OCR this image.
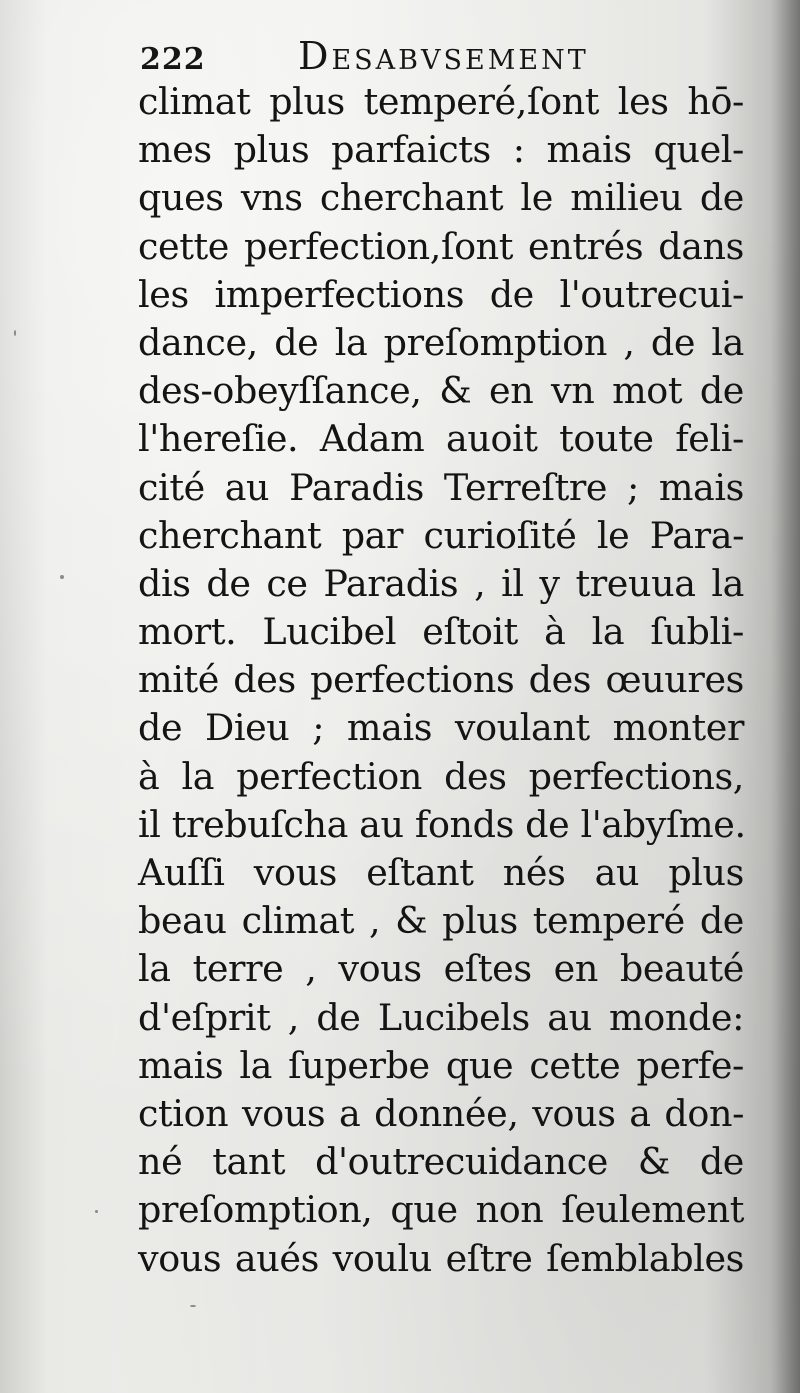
222 Desabvsement
climat plus temperé,ſont les hō-
mes plus parfaicts : mais quel-
ques vns cherchant le milieu de
cette perfection,ſont entrés dans
les imperfections de l'outrecui-
dance, de la preſomption , de la
des-obeyſſance, & en vn mot de
l'hereſie. Adam auoit toute feli-
cité au Paradis Terreſtre ; mais
cherchant par curioſité le Para-
dis de ce Paradis , il y treuua la
mort. Lucibel eſtoit à la ſubli-
mité des perfections des œuures
de Dieu ; mais voulant monter
à la perfection des perfections,
il trebuſcha au fonds de l'abyſme.
Auſſi vous eſtant nés au plus
beau climat , & plus temperé de
la terre , vous eſtes en beauté
d'eſprit , de Lucibels au monde:
mais la ſuperbe que cette perfe-
ction vous a donnée, vous a don-
né tant d'outrecuidance & de
preſomption, que non ſeulement
vous aués voulu eſtre ſemblables
